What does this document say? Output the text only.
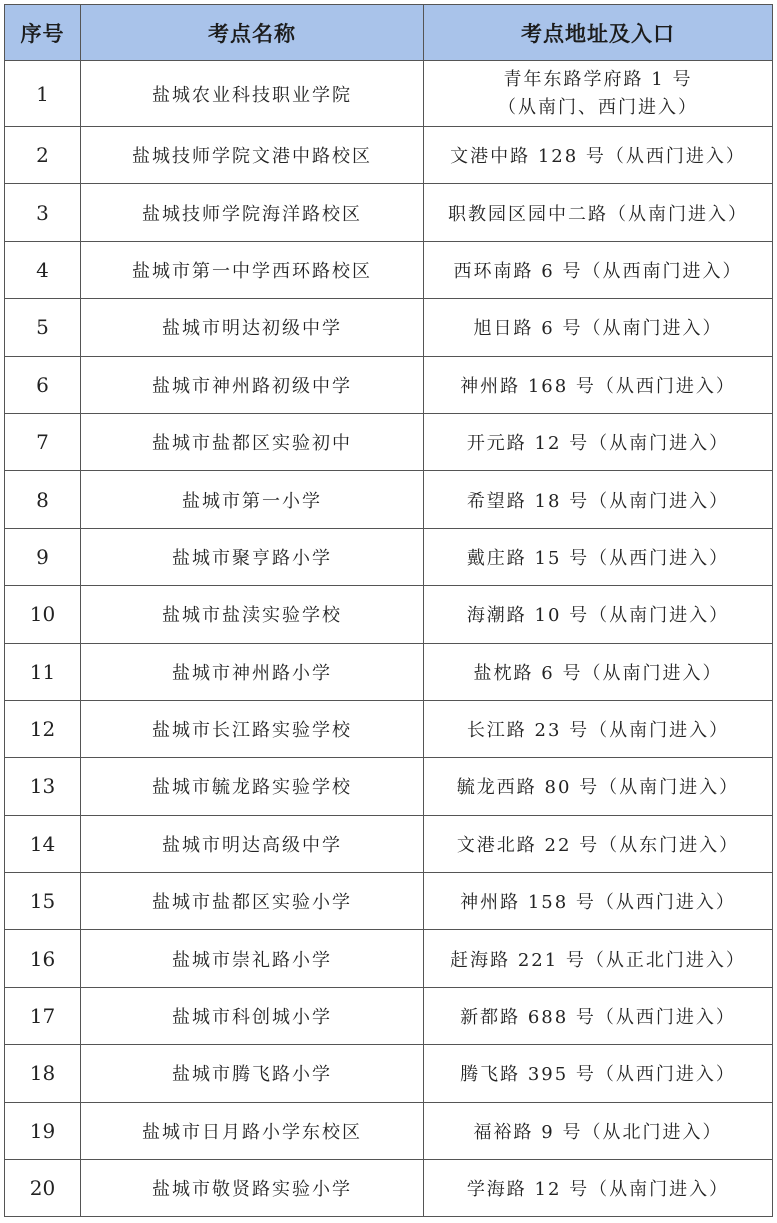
序号	考点名称	考点地址及入口
1	盐城农业科技职业学院	青年东路学府路 1 号
（从南门、西门进入）

2	盐城技师学院文港中路校区	文港中路 128 号（从西门进入）
3	盐城技师学院海洋路校区	职教园区园中二路（从南门进入）
4	盐城市第一中学西环路校区	西环南路 6 号（从西南门进入）
5	盐城市明达初级中学	旭日路 6 号（从南门进入）
6	盐城市神州路初级中学	神州路 168 号（从西门进入）
7	盐城市盐都区实验初中	开元路 12 号（从南门进入）
8	盐城市第一小学	希望路 18 号（从南门进入）
9	盐城市聚亨路小学	戴庄路 15 号（从西门进入）
10	盐城市盐渎实验学校	海潮路 10 号（从南门进入）
11	盐城市神州路小学	盐枕路 6 号（从南门进入）
12	盐城市长江路实验学校	长江路 23 号（从南门进入）
13	盐城市毓龙路实验学校	毓龙西路 80 号（从南门进入）
14	盐城市明达高级中学	文港北路 22 号（从东门进入）
15	盐城市盐都区实验小学	神州路 158 号（从西门进入）
16	盐城市崇礼路小学	赶海路 221 号（从正北门进入）
17	盐城市科创城小学	新都路 688 号（从西门进入）
18	盐城市腾飞路小学	腾飞路 395 号（从西门进入）
19	盐城市日月路小学东校区	福裕路 9 号（从北门进入）
20	盐城市敬贤路实验小学	学海路 12 号（从南门进入）
